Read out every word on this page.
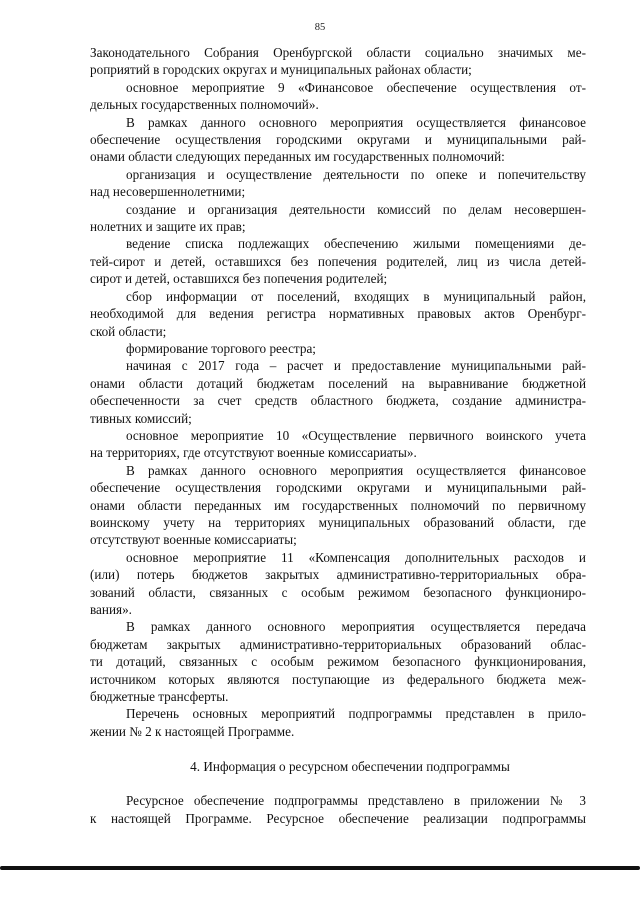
85
Законодательного Собрания Оренбургской области социально значимых ме-
роприятий в городских округах и муниципальных районах области;
основное мероприятие 9 «Финансовое обеспечение осуществления от-
дельных государственных полномочий».
В рамках данного основного мероприятия осуществляется финансовое
обеспечение осуществления городскими округами и муниципальными рай-
онами области следующих переданных им государственных полномочий:
организация и осуществление деятельности по опеке и попечительству
над несовершеннолетними;
создание и организация деятельности комиссий по делам несовершен-
нолетних и защите их прав;
ведение списка подлежащих обеспечению жилыми помещениями де-
тей-сирот и детей, оставшихся без попечения родителей, лиц из числа детей-
сирот и детей, оставшихся без попечения родителей;
сбор информации от поселений, входящих в муниципальный район,
необходимой для ведения регистра нормативных правовых актов Оренбург-
ской области;
формирование торгового реестра;
начиная с 2017 года – расчет и предоставление муниципальными рай-
онами области дотаций бюджетам поселений на выравнивание бюджетной
обеспеченности за счет средств областного бюджета, создание администра-
тивных комиссий;
основное мероприятие 10 «Осуществление первичного воинского учета
на территориях, где отсутствуют военные комиссариаты».
В рамках данного основного мероприятия осуществляется финансовое
обеспечение осуществления городскими округами и муниципальными рай-
онами области переданных им государственных полномочий по первичному
воинскому учету на территориях муниципальных образований области, где
отсутствуют военные комиссариаты;
основное мероприятие 11 «Компенсация дополнительных расходов и
(или) потерь бюджетов закрытых административно-территориальных обра-
зований области, связанных с особым режимом безопасного функциониро-
вания».
В рамках данного основного мероприятия осуществляется передача
бюджетам закрытых административно-территориальных образований облас-
ти дотаций, связанных с особым режимом безопасного функционирования,
источником которых являются поступающие из федерального бюджета меж-
бюджетные трансферты.
Перечень основных мероприятий подпрограммы представлен в прило-
жении № 2 к настоящей Программе.
4. Информация о ресурсном обеспечении подпрограммы
Ресурсное обеспечение подпрограммы представлено в приложении № 3
к настоящей Программе. Ресурсное обеспечение реализации подпрограммы
